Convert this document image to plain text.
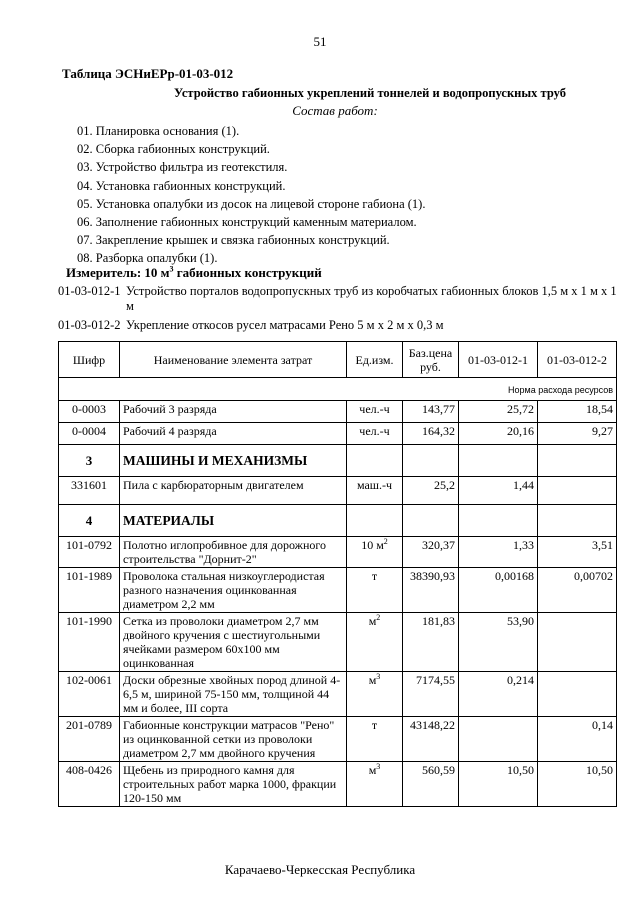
51
Таблица ЭСНиЕРр-01-03-012
Устройство габионных укреплений тоннелей и водопропускных труб
Состав работ:
01. Планировка основания (1).
02. Сборка габионных конструкций.
03. Устройство фильтра из геотекстиля.
04. Установка габионных конструкций.
05. Установка опалубки из досок на лицевой стороне габиона (1).
06. Заполнение габионных конструкций каменным материалом.
07. Закрепление крышек и связка габионных конструкций.
08. Разборка опалубки (1).
Измеритель: 10 $м^3$ габионных конструкций
01-03-012-1 Устройство порталов водопропускных труб из коробчатых габионных блоков 1,5 м x 1 м x 1 м
01-03-012-2 Укрепление откосов русел матрасами Рено 5 м x 2 м x 0,3 м
Шифр	Наименование элемента затрат	Ед.изм.	Баз.цена руб.	01-03-012-1	01-03-012-2
Норма расхода ресурсов					
0-0003	Рабочий 3 разряда	чел.-ч	143,77	25,72	18,54
0-0004	Рабочий 4 разряда	чел.-ч	164,32	20,16	9,27
3	МАШИНЫ И МЕХАНИЗМЫ				
331601	Пила с карбюраторным двигателем	маш.-ч	25,2	1,44	
4	МАТЕРИАЛЫ				
101-0792	Полотно иглопробивное для дорожного строительства "Дорнит-2"	10 $м^2$	320,37	1,33	3,51
101-1989	Проволока стальная низкоуглеродистая разного назначения оцинкованная диаметром 2,2 мм	т	38390,93	0,00168	0,00702
101-1990	Сетка из проволоки диаметром 2,7 мм двойного кручения с шестиугольными ячейками размером 60х100 мм оцинкованная	$м^2$	181,83	53,90	
102-0061	Доски обрезные хвойных пород длиной 4-6,5 м, шириной 75-150 мм, толщиной 44 мм и более, III сорта	$м^3$	7174,55	0,214	
201-0789	Габионные конструкции матрасов "Рено" из оцинкованной сетки из проволоки диаметром 2,7 мм двойного кручения	т	43148,22		0,14
408-0426	Щебень из природного камня для строительных работ марка 1000, фракции 120-150 мм	$м^3$	560,59	10,50	10,50
Карачаево-Черкесская Республика
